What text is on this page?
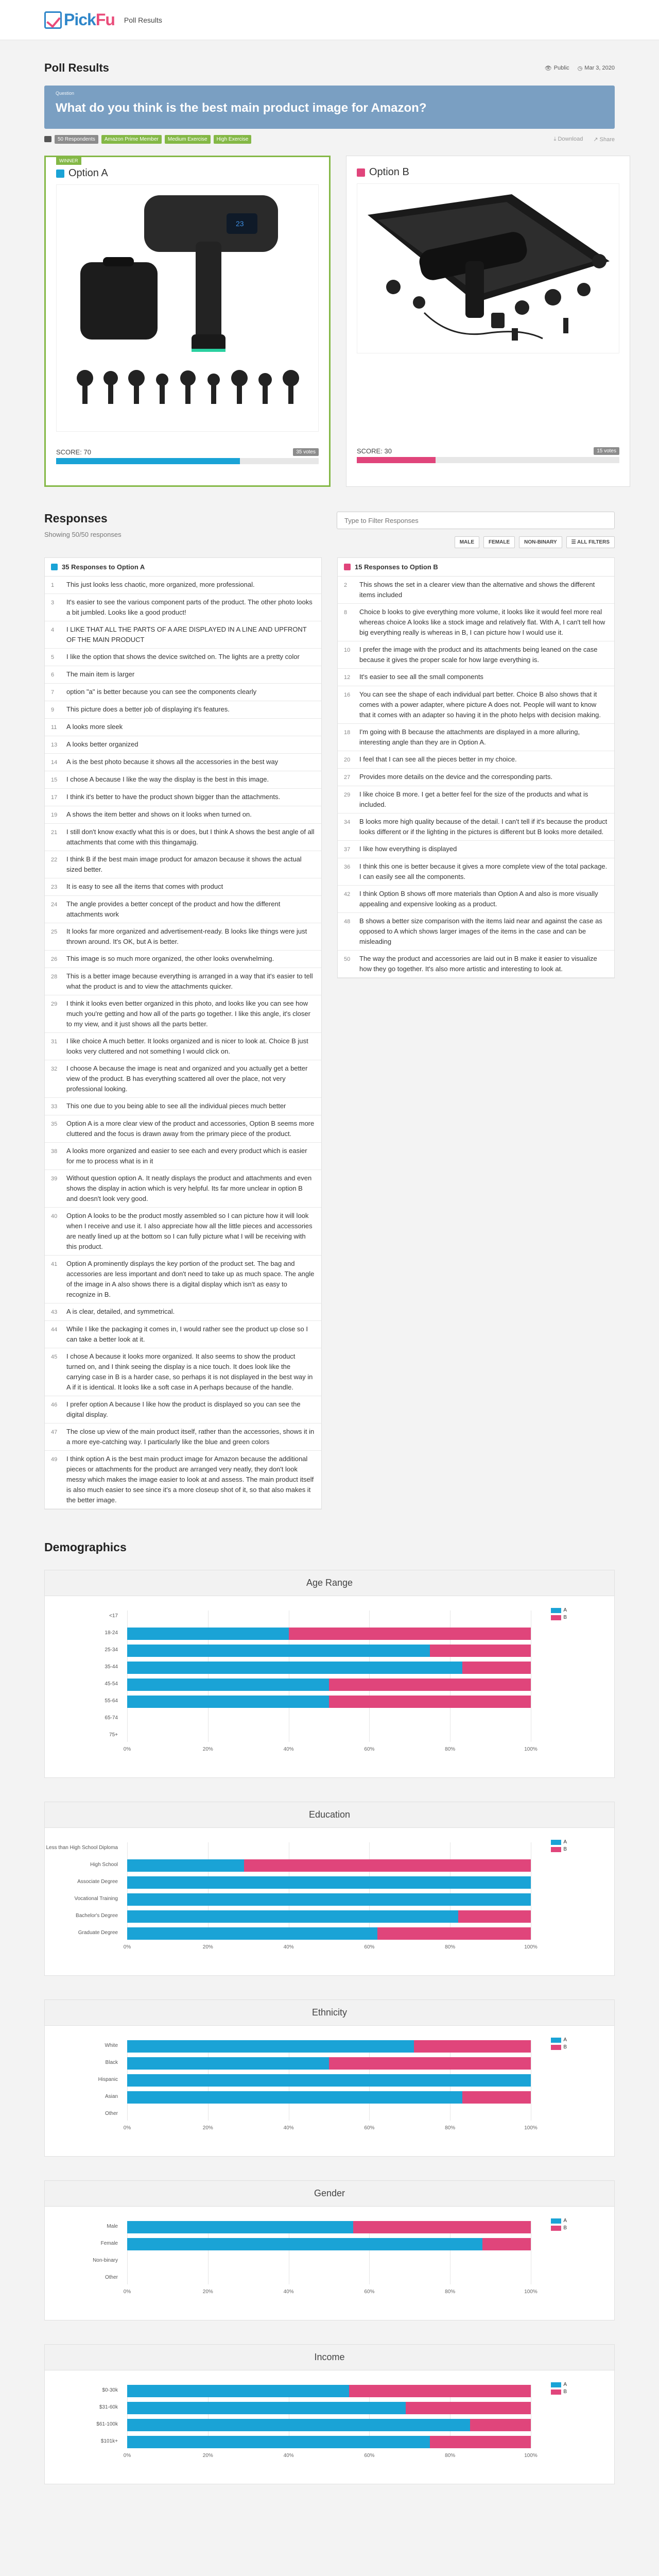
PickFu Poll Results
Poll Results	👁 Public ◷ Mar 3, 2020
Question
What do you think is the best main product image for Amazon?
50 Respondents	Amazon Prime Member	Medium Exercise	High Exercise	⤓ Download ↗ Share
WINNER
Option A
23
SCORE: 70	35 votes
Option B
SCORE: 30	15 votes
Responses
Showing 50/50 responses
Type to Filter Responses
MALE	FEMALE	NON-BINARY	☰ ALL FILTERS
35 Responses to Option A
1	This just looks less chaotic, more organized, more professional.
3	It's easier to see the various component parts of the product. The other photo looks a bit jumbled. Looks like a good product!
4	I LIKE THAT ALL THE PARTS OF A ARE DISPLAYED IN A LINE AND UPFRONT OF THE MAIN PRODUCT
5	I like the option that shows the device switched on. The lights are a pretty color
6	The main item is larger
7	option "a" is better because you can see the components clearly
9	This picture does a better job of displaying it's features.
11	A looks more sleek
13 A looks better organized
14 A is the best photo because it shows all the accessories in the best way
15 I chose A because I like the way the display is the best in this image.
17 I think it's better to have the product shown bigger than the attachments.
19 A shows the item better and shows on it looks when turned on.
21 I still don't know exactly what this is or does, but I think A shows the best angle of all attachments that come with this thingamajig.
22 I think B if the best main image product for amazon because it shows the actual sized better.
23 It is easy to see all the items that comes with product
24 The angle provides a better concept of the product and how the different attachments work
25 It looks far more organized and advertisement-ready. B looks like things were just thrown around. It's OK, but A is better.
26 This image is so much more organized, the other looks overwhelming.
28 This is a better image because everything is arranged in a way that it's easier to tell what the product is and to view the attachments quicker.
29 I think it looks even better organized in this photo, and looks like you can see how much you're getting and how all of the parts go together. I like this angle, it's closer to my view, and it just shows all the parts better.
31 I like choice A much better. It looks organized and is nicer to look at. Choice B just looks very cluttered and not something I would click on.
32 I choose A because the image is neat and organized and you actually get a better view of the product. B has everything scattered all over the place, not very professional looking.
33 This one due to you being able to see all the individual pieces much better
35 Option A is a more clear view of the product and accessories, Option B seems more cluttered and the focus is drawn away from the primary piece of the product.
38 A looks more organized and easier to see each and every product which is easier for me to process what is in it
39 Without question option A. It neatly displays the product and attachments and even shows the display in action which is very helpful. Its far more unclear in option B and doesn't look very good.
40 Option A looks to be the product mostly assembled so I can picture how it will look when I receive and use it. I also appreciate how all the little pieces and accessories are neatly lined up at the bottom so I can fully picture what I will be receiving with this product.
41 Option A prominently displays the key portion of the product set. The bag and accessories are less important and don't need to take up as much space. The angle of the image in A also shows there is a digital display which isn't as easy to recognize in B.
43 A is clear, detailed, and symmetrical.
44 While I like the packaging it comes in, I would rather see the product up close so I can take a better look at it.
45 I chose A because it looks more organized. It also seems to show the product turned on, and I think seeing the display is a nice touch. It does look like the carrying case in B is a harder case, so perhaps it is not displayed in the best way in A if it is identical. It looks like a soft case in A perhaps because of the handle.
46 I prefer option A because I like how the product is displayed so you can see the digital display.
47 The close up view of the main product itself, rather than the accessories, shows it in a more eye-catching way. I particularly like the blue and green colors
49 I think option A is the best main product image for Amazon because the additional pieces or attachments for the product are arranged very neatly, they don't look messy which makes the image easier to look at and assess. The main product itself is also much easier to see since it's a more closeup shot of it, so that also makes it the better image.
15 Responses to Option B
2	This shows the set in a clearer view than the alternative and shows the different items included
8	Choice b looks to give everything more volume, it looks like it would feel more real whereas choice A looks like a stock image and relatively flat. With A, I can't tell how big everything really is whereas in B, I can picture how I would use it.
10 I prefer the image with the product and its attachments being leaned on the case because it gives the proper scale for how large everything is.
12 It's easier to see all the small components
16 You can see the shape of each individual part better. Choice B also shows that it comes with a power adapter, where picture A does not. People will want to know that it comes with an adapter so having it in the photo helps with decision making.
18 I'm going with B because the attachments are displayed in a more alluring, interesting angle than they are in Option A.
20 I feel that I can see all the pieces better in my choice.
27 Provides more details on the device and the corresponding parts.
29 I like choice B more. I get a better feel for the size of the products and what is included.
34 B looks more high quality because of the detail. I can't tell if it's because the product looks different or if the lighting in the pictures is different but B looks more detailed.
37 I like how everything is displayed
36 I think this one is better because it gives a more complete view of the total package. I can easily see all the components.
42 I think Option B shows off more materials than Option A and also is more visually appealing and expensive looking as a product.
48 B shows a better size comparison with the items laid near and against the case as opposed to A which shows larger images of the items in the case and can be misleading
50 The way the product and accessories are laid out in B make it easier to visualize how they go together. It's also more artistic and interesting to look at.
Demographics
Age Range
A
B
<17
18-24
25-34
35-44
45-54
55-64
65-74
75+
0%	20%	40%	60%	80%	100%
Education
A
B
Less than High School Diploma
High School
Associate Degree
Vocational Training
Bachelor's Degree
Graduate Degree
0%	20%	40%	60%	80%	100%
Ethnicity
A
B
White
Black
Hispanic
Asian
Other
0%	20%	40%	60%	80%	100%
Gender
A
B
Male
Female
Non-binary
Other
0%	20%	40%	60%	80%	100%
Income
A
B
$0-30k
$31-60k
$61-100k
$101k+
0%	20%	40%	60%	80%	100%
